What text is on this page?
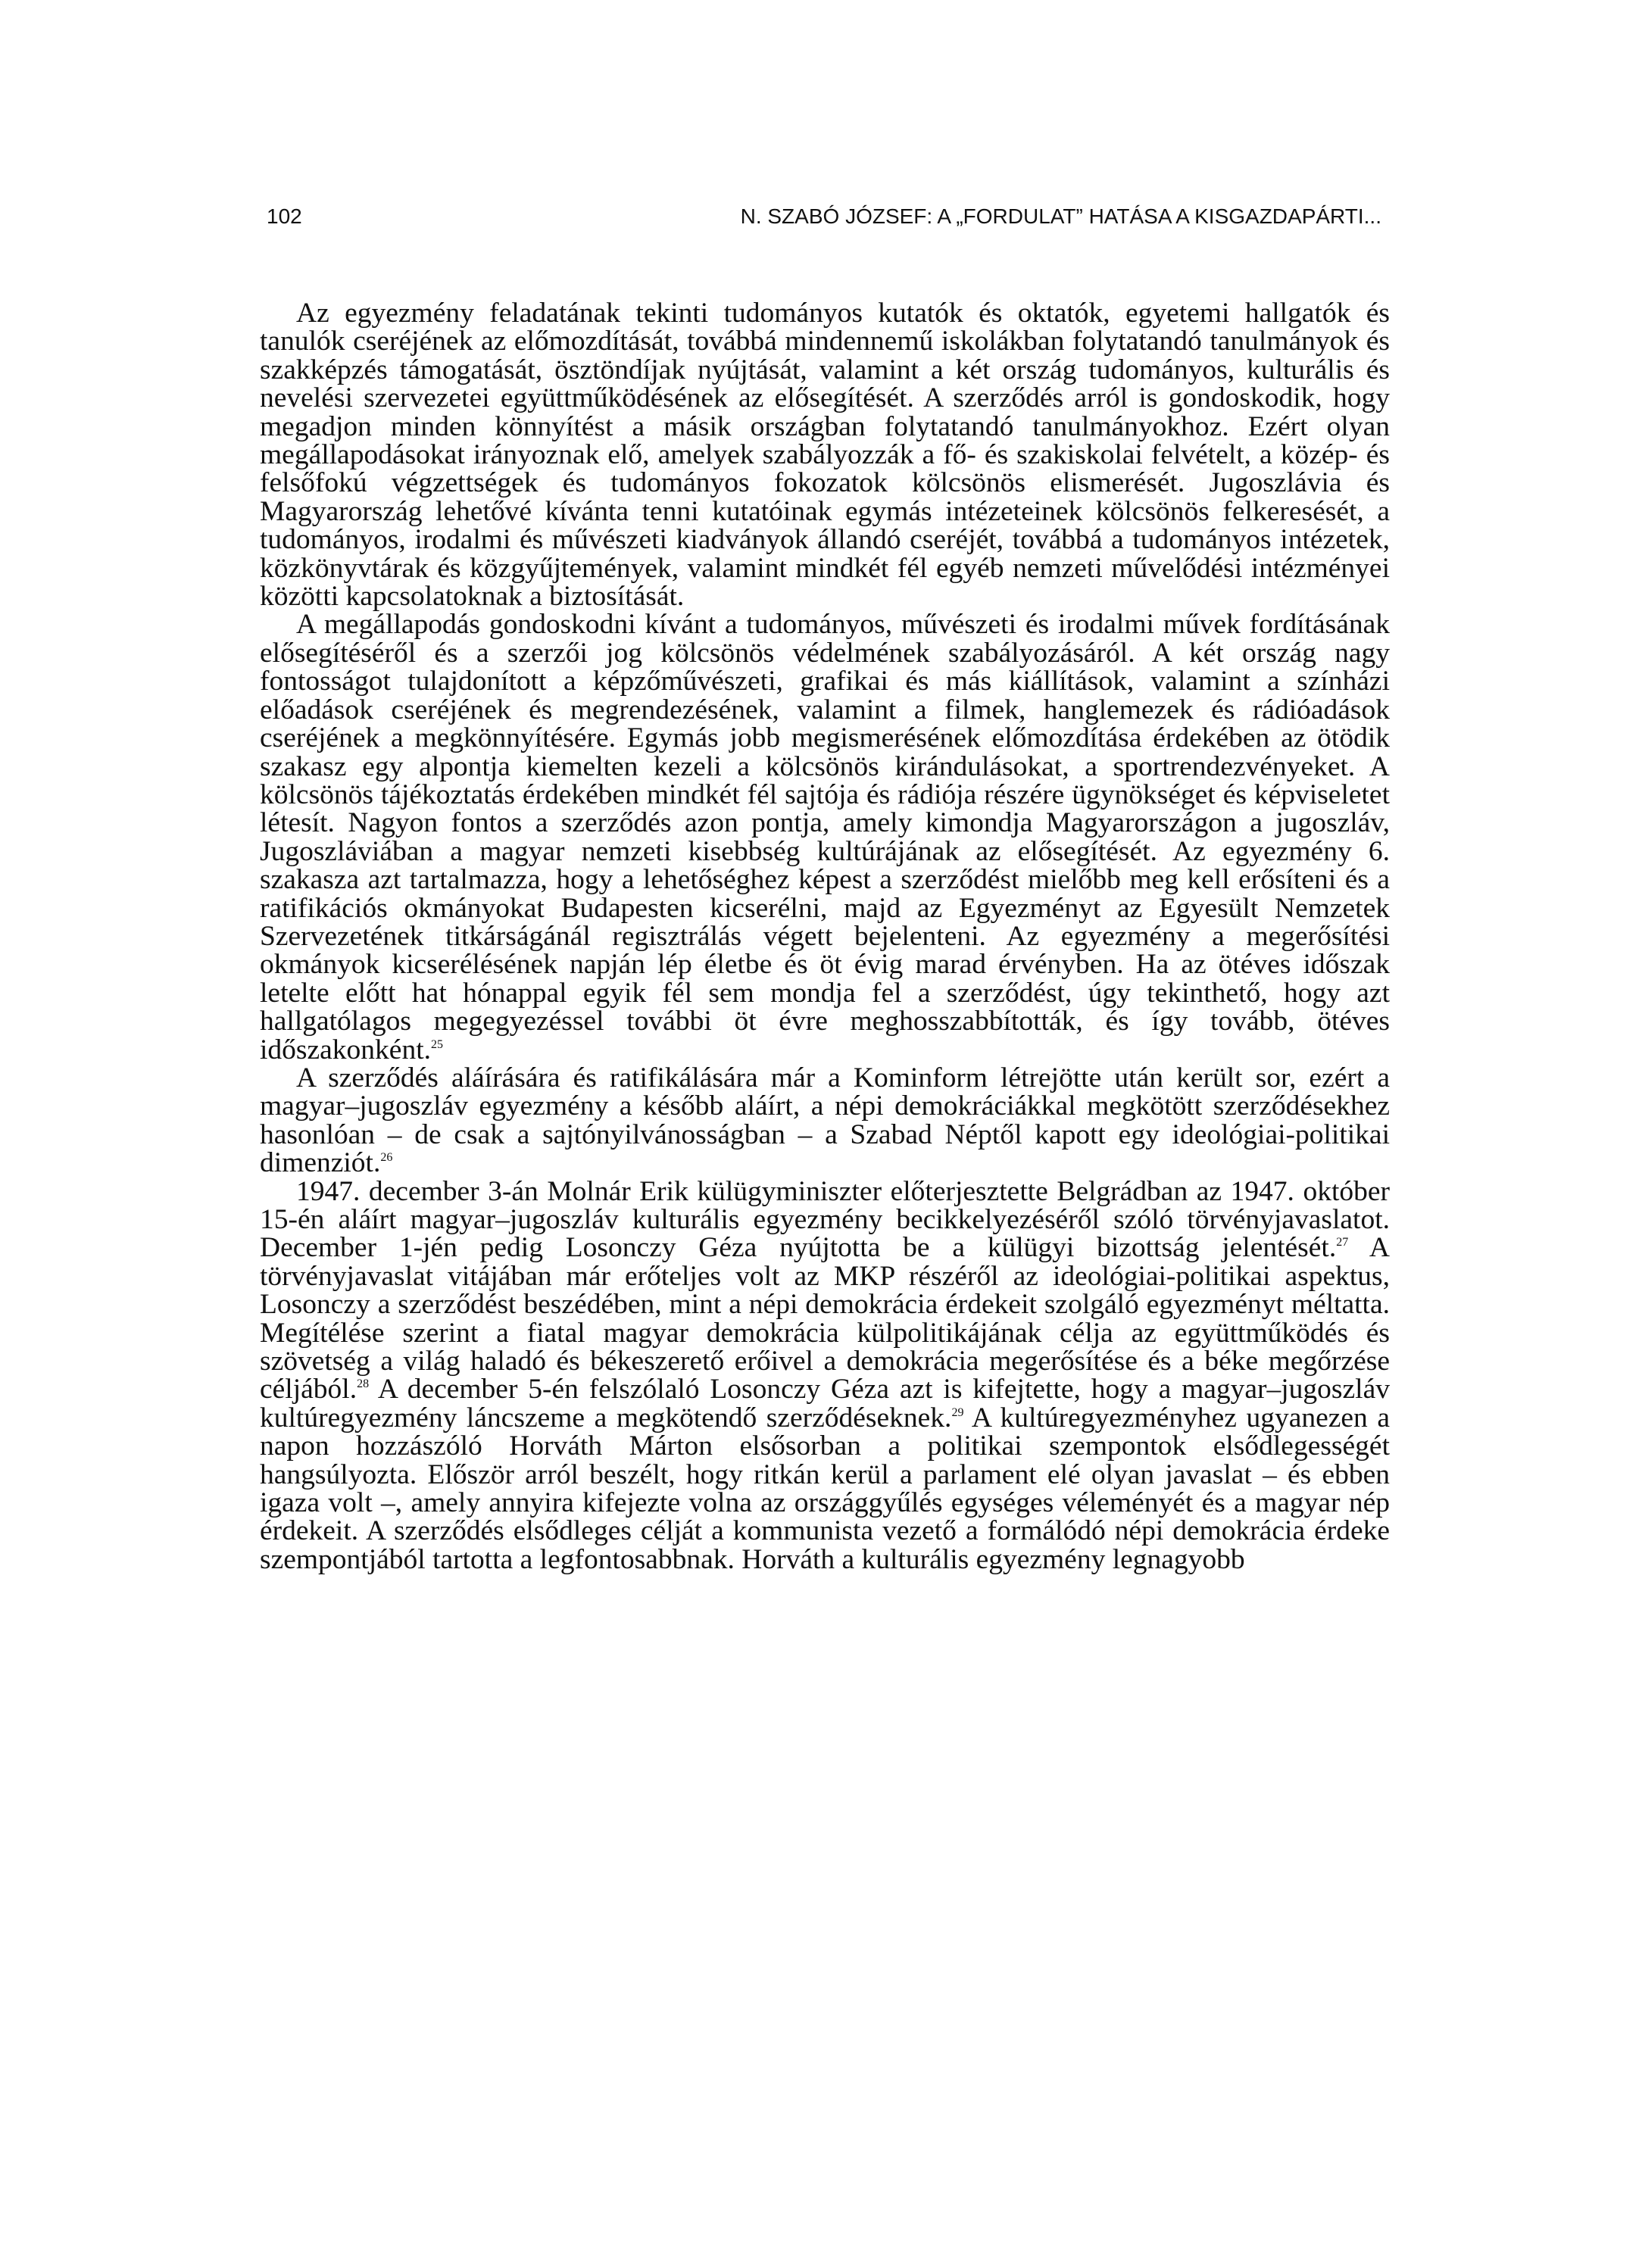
102	N. SZABÓ JÓZSEF: A „FORDULAT” HATÁSA A KISGAZDAPÁRTI...

Az egyezmény feladatának tekinti tudományos kutatók és oktatók, egyetemi hallgatók és tanulók cseréjének az előmozdítását, továbbá mindennemű iskolákban folytatandó tanulmányok és szakképzés támogatását, ösztöndíjak nyújtását, valamint a két ország tudományos, kulturális és nevelési szervezetei együttműködésének az elősegítését. A szerződés arról is gondoskodik, hogy megadjon minden könnyítést a másik országban folytatandó tanulmányokhoz. Ezért olyan megállapodásokat irányoznak elő, amelyek szabályozzák a fő- és szakiskolai felvételt, a közép- és felsőfokú végzettségek és tudományos fokozatok kölcsönös elismerését. Jugoszlávia és Magyarország lehetővé kívánta tenni kutatóinak egymás intézeteinek kölcsönös felkeresését, a tudományos, irodalmi és művészeti kiadványok állandó cseréjét, továbbá a tudományos intézetek, közkönyvtárak és közgyűjtemények, valamint mindkét fél egyéb nemzeti művelődési intézményei közötti kapcsolatoknak a biztosítását.

A megállapodás gondoskodni kívánt a tudományos, művészeti és irodalmi művek fordításának elősegítéséről és a szerzői jog kölcsönös védelmének szabályozásáról. A két ország nagy fontosságot tulajdonított a képzőművészeti, grafikai és más kiállítások, valamint a színházi előadások cseréjének és megrendezésének, valamint a filmek, hanglemezek és rádióadások cseréjének a megkönnyítésére. Egymás jobb megismerésének előmozdítása érdekében az ötödik szakasz egy alpontja kiemelten kezeli a kölcsönös kirándulásokat, a sportrendezvényeket. A kölcsönös tájékoztatás érdekében mindkét fél sajtója és rádiója részére ügynökséget és képviseletet létesít. Nagyon fontos a szerződés azon pontja, amely kimondja Magyarországon a jugoszláv, Jugoszláviában a magyar nemzeti kisebbség kultúrájának az elősegítését. Az egyezmény 6. szakasza azt tartalmazza, hogy a lehetőséghez képest a szerződést mielőbb meg kell erősíteni és a ratifikációs okmányokat Budapesten kicserélni, majd az Egyezményt az Egyesült Nemzetek Szervezetének titkárságánál regisztrálás végett bejelenteni. Az egyezmény a megerősítési okmányok kicserélésének napján lép életbe és öt évig marad érvényben. Ha az ötéves időszak letelte előtt hat hónappal egyik fél sem mondja fel a szerződést, úgy tekinthető, hogy azt hallgatólagos megegyezéssel további öt évre meghosszabbították, és így tovább, ötéves időszakonként.$^{25}$

A szerződés aláírására és ratifikálására már a Kominform létrejötte után került sor, ezért a magyar–jugoszláv egyezmény a később aláírt, a népi demokráciákkal megkötött szerződésekhez hasonlóan – de csak a sajtónyilvánosságban – a Szabad Néptől kapott egy ideológiai-politikai dimenziót.$^{26}$

1947. december 3-án Molnár Erik külügyminiszter előterjesztette Belgrádban az 1947. október 15-én aláírt magyar–jugoszláv kulturális egyezmény becikkelyezéséről szóló törvényjavaslatot. December 1-jén pedig Losonczy Géza nyújtotta be a külügyi bizottság jelentését.$^{27}$ A törvényjavaslat vitájában már erőteljes volt az MKP részéről az ideológiai-politikai aspektus, Losonczy a szerződést beszédében, mint a népi demokrácia érdekeit szolgáló egyezményt méltatta. Megítélése szerint a fiatal magyar demokrácia külpolitikájának célja az együttműködés és szövetség a világ haladó és békeszerető erőivel a demokrácia megerősítése és a béke megőrzése céljából.$^{28}$ A december 5-én felszólaló Losonczy Géza azt is kifejtette, hogy a magyar–jugoszláv kultúregyezmény láncszeme a megkötendő szerződéseknek.$^{29}$ A kultúregyezményhez ugyanezen a napon hozzászóló Horváth Márton elsősorban a politikai szempontok elsődlegességét hangsúlyozta. Először arról beszélt, hogy ritkán kerül a parlament elé olyan javaslat – és ebben igaza volt –, amely annyira kifejezte volna az országgyűlés egységes véleményét és a magyar nép érdekeit. A szerződés elsődleges célját a kommunista vezető a formálódó népi demokrácia érdeke szempontjából tartotta a legfontosabbnak. Horváth a kulturális egyezmény legnagyobb
